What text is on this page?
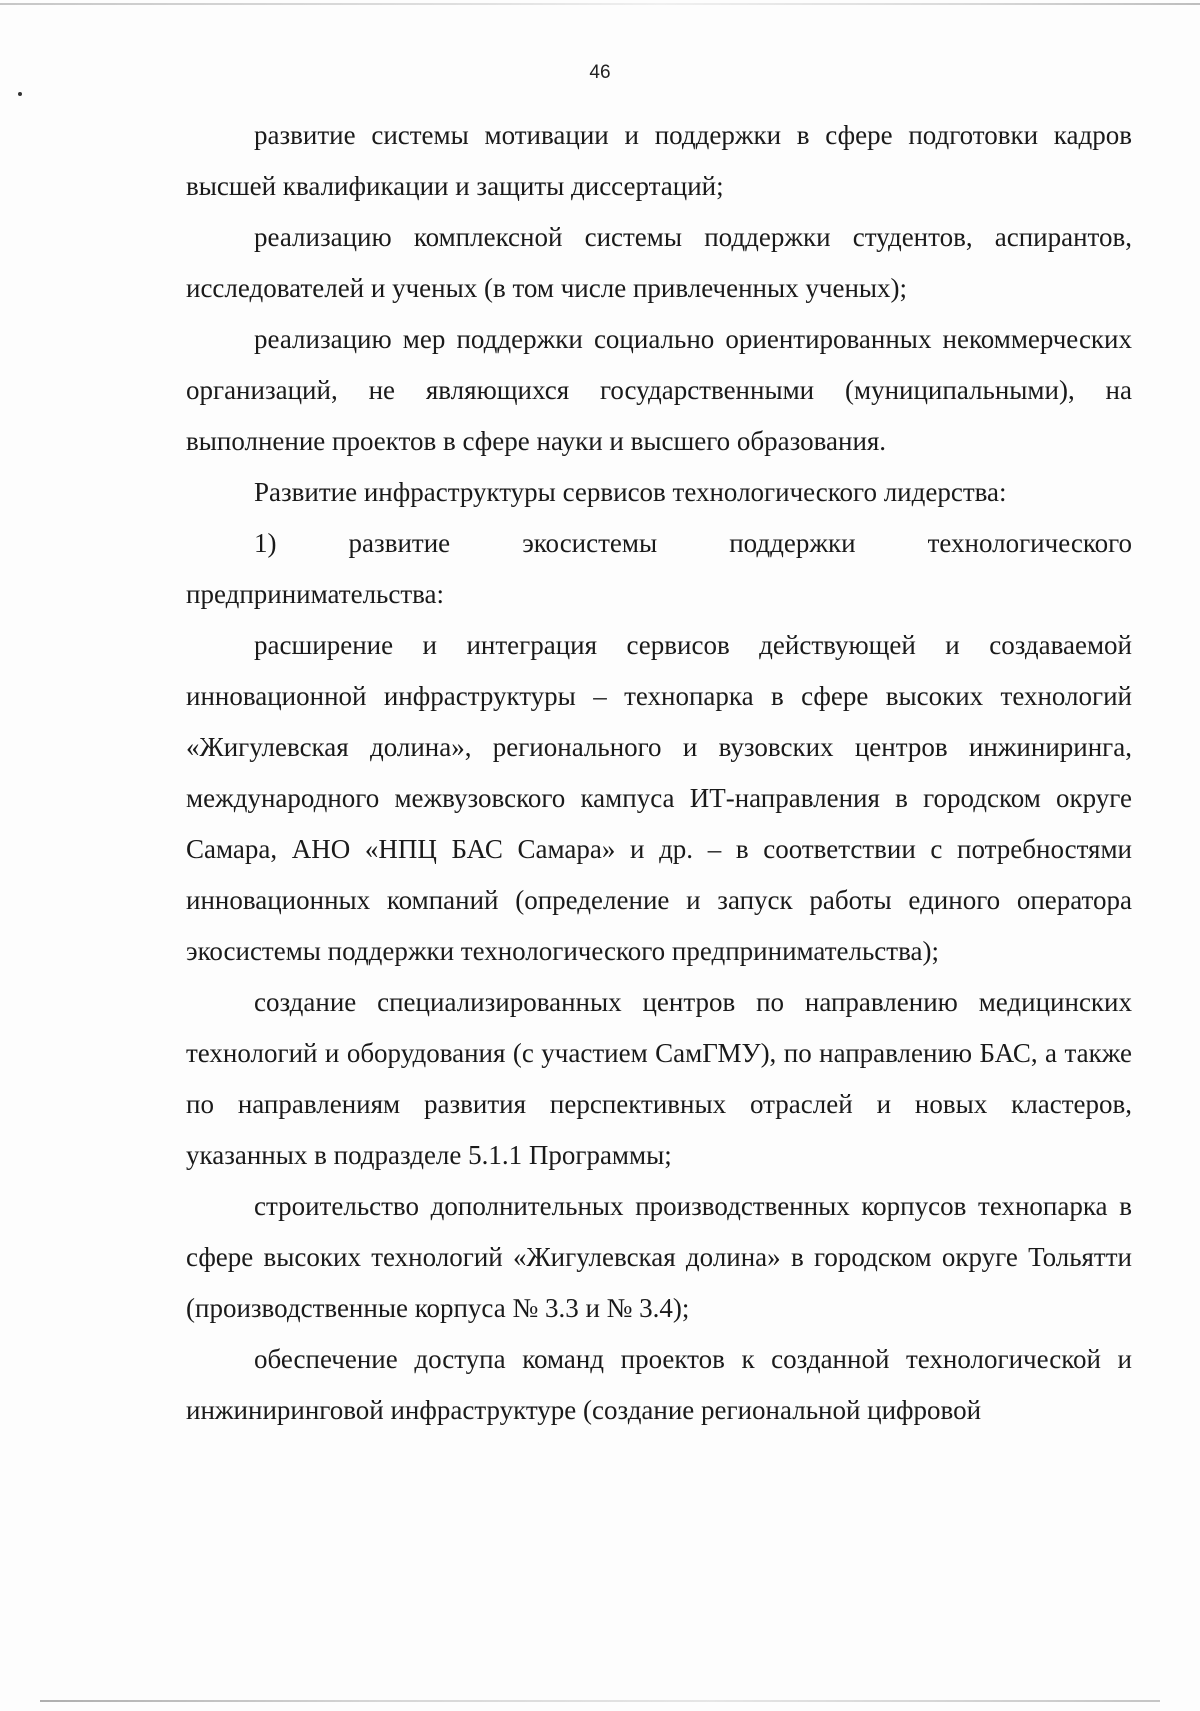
46

развитие системы мотивации и поддержки в сфере подготовки кадров высшей квалификации и защиты диссертаций;

реализацию комплексной системы поддержки студентов, аспирантов, исследователей и ученых (в том числе привлеченных ученых);

реализацию мер поддержки социально ориентированных некоммерческих организаций, не являющихся государственными (муниципальными), на выполнение проектов в сфере науки и высшего образования.

Развитие инфраструктуры сервисов технологического лидерства:

1) развитие экосистемы поддержки технологического предпринимательства:

расширение и интеграция сервисов действующей и создаваемой инновационной инфраструктуры – технопарка в сфере высоких технологий «Жигулевская долина», регионального и вузовских центров инжиниринга, международного межвузовского кампуса ИТ-направления в городском округе Самара, АНО «НПЦ БАС Самара» и др. – в соответствии с потребностями инновационных компаний (определение и запуск работы единого оператора экосистемы поддержки технологического предпринимательства);

создание специализированных центров по направлению медицинских технологий и оборудования (с участием СамГМУ), по направлению БАС, а также по направлениям развития перспективных отраслей и новых кластеров, указанных в подразделе 5.1.1 Программы;

строительство дополнительных производственных корпусов технопарка в сфере высоких технологий «Жигулевская долина» в городском округе Тольятти (производственные корпуса № 3.3 и № 3.4);

обеспечение доступа команд проектов к созданной технологической и инжиниринговой инфраструктуре (создание региональной цифровой
